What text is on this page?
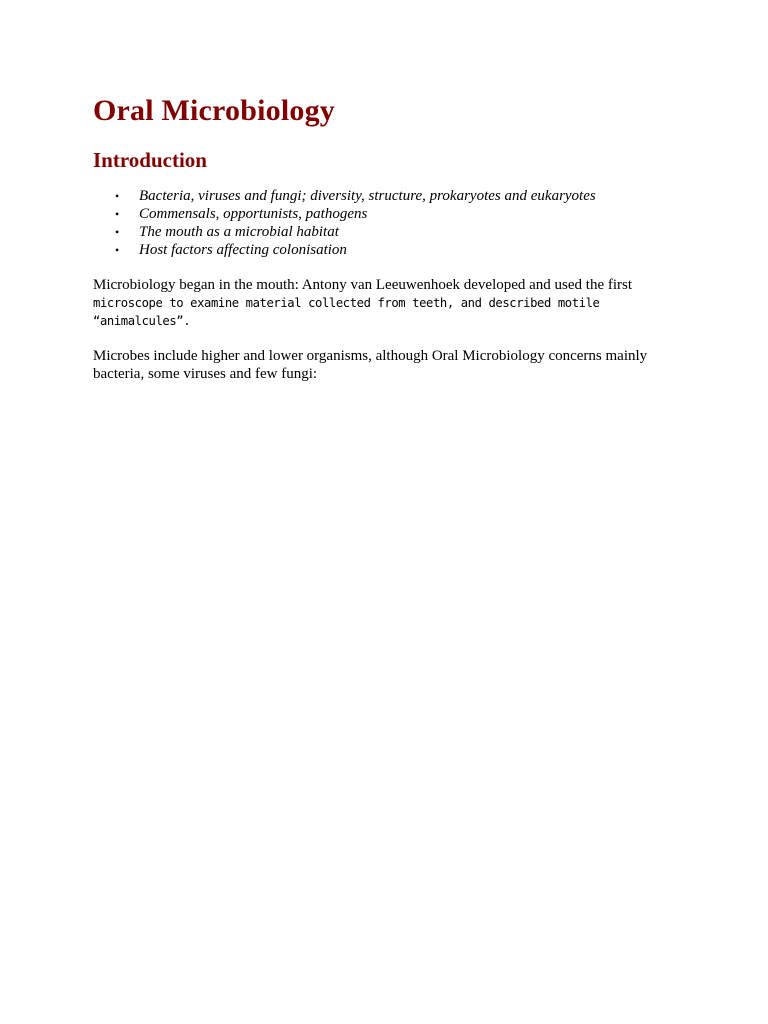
Oral Microbiology
Introduction
• Bacteria, viruses and fungi; diversity, structure, prokaryotes and eukaryotes
• Commensals, opportunists, pathogens
• The mouth as a microbial habitat
• Host factors affecting colonisation

Microbiology began in the mouth: Antony van Leeuwenhoek developed and used the first
microscope to examine material collected from teeth, and described motile “animalcules”.

Microbes include higher and lower organisms, although Oral Microbiology concerns mainly bacteria, some viruses and few fungi:
